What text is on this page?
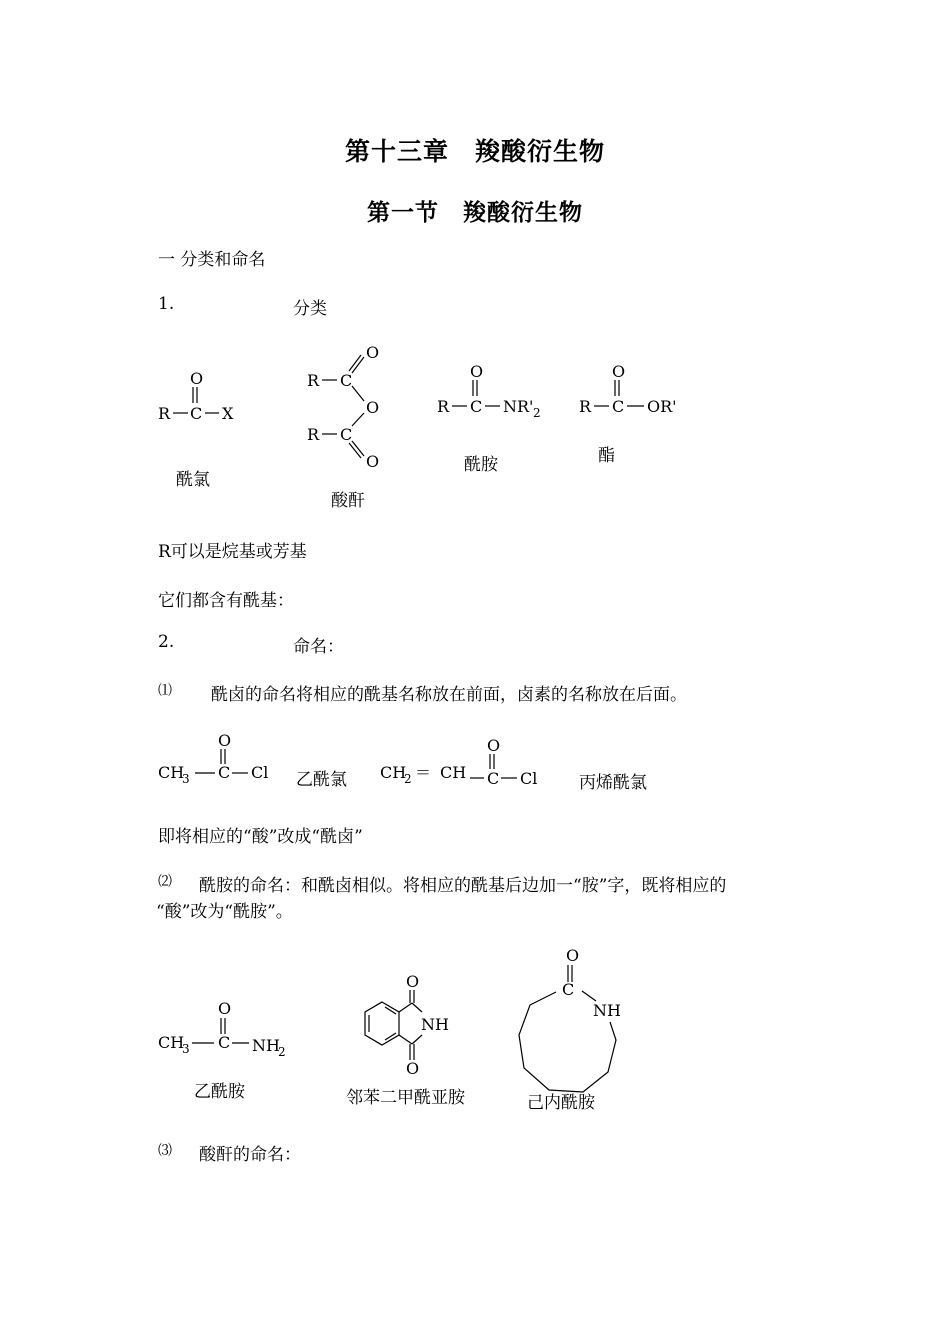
第十三章　羧酸衍生物
第一节　羧酸衍生物
一 分类和命名
1.	分类
R
O
C X
R C
O
O
R C
O
R
O
C NR' 2 R
O
C OR'
CH
3
O
C Cl	CH
2 ＝ CH
O
C Cl
CH
3
O
C NH
2
O
NH
O
O
C
NH
酰氯
酸酐
酰胺	酯
R可以是烷基或芳基
它们都含有酰基：
2.	命名：
⑴ 酰卤的命名将相应的酰基名称放在前面，卤素的名称放在后面。
乙酰氯	丙烯酰氯
即将相应的“酸”改成“酰卤”
⑵ 酰胺的命名：和酰卤相似。将相应的酰基后边加一“胺”字，既将相应的
“酸”改为“酰胺”。
乙酰胺	邻苯二甲酰亚胺	己内酰胺
⑶ 酸酐的命名：
